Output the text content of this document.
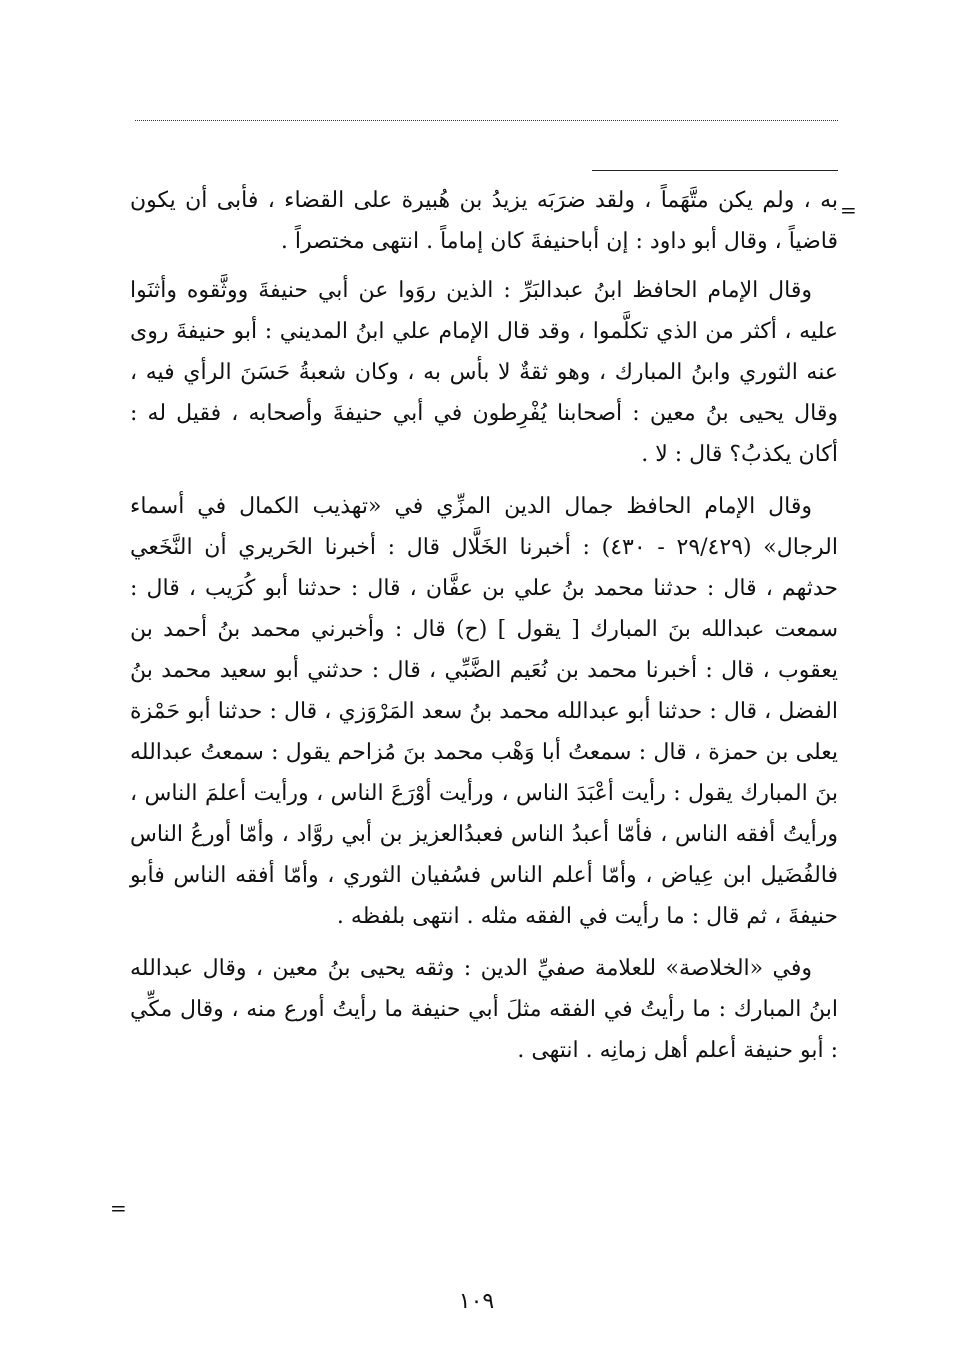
=

به ، ولم يكن متَّهَماً ، ولقد ضرَبَه يزيدُ بن هُبيرة على القضاء ، فأبى أن يكون قاضياً ، وقال أبو داود : إن أباحنيفةَ كان إماماً . انتهى مختصراً .

وقال الإمام الحافظ ابنُ عبدالبَرِّ : الذين روَوا عن أبي حنيفةَ ووثَّقوه وأثنَوا عليه ، أكثر من الذي تكلَّموا ، وقد قال الإمام علي ابنُ المديني : أبو حنيفةَ روى عنه الثوري وابنُ المبارك ، وهو ثقةٌ لا بأس به ، وكان شعبةُ حَسَنَ الرأي فيه ، وقال يحيى بنُ معين : أصحابنا يُفْرِطون في أبي حنيفةَ وأصحابه ، فقيل له : أكان يكذبُ؟ قال : لا .

وقال الإمام الحافظ جمال الدين المزِّي في «تهذيب الكمال في أسماء الرجال» (٢٩/٤٢٩ - ٤٣٠) : أخبرنا الخَلَّال قال : أخبرنا الحَريري أن النَّخَعي حدثهم ، قال : حدثنا محمد بنُ علي بن عفَّان ، قال : حدثنا أبو كُرَيب ، قال : سمعت عبدالله بنَ المبارك [ يقول ] (ح) قال : وأخبرني محمد بنُ أحمد بن يعقوب ، قال : أخبرنا محمد بن نُعَيم الضَّبِّي ، قال : حدثني أبو سعيد محمد بنُ الفضل ، قال : حدثنا أبو عبدالله محمد بنُ سعد المَرْوَزي ، قال : حدثنا أبو حَمْزة يعلى بن حمزة ، قال : سمعتُ أبا وَهْب محمد بنَ مُزاحم يقول : سمعتُ عبدالله بنَ المبارك يقول : رأيت أعْبَدَ الناس ، ورأيت أوْرَعَ الناس ، ورأيت أعلمَ الناس ، ورأيتُ أفقه الناس ، فأمّا أعبدُ الناس فعبدُالعزيز بن أبي روَّاد ، وأمّا أورعُ الناس فالفُضَيل ابن عِياض ، وأمّا أعلم الناس فسُفيان الثوري ، وأمّا أفقه الناس فأبو حنيفةَ ، ثم قال : ما رأيت في الفقه مثله . انتهى بلفظه .

وفي «الخلاصة» للعلامة صفيِّ الدين : وثقه يحيى بنُ معين ، وقال عبدالله ابنُ المبارك : ما رأيتُ في الفقه مثلَ أبي حنيفة ما رأيتُ أورع منه ، وقال مكِّي : أبو حنيفة أعلم أهل زمانِه . انتهى .

=
١٠٩
